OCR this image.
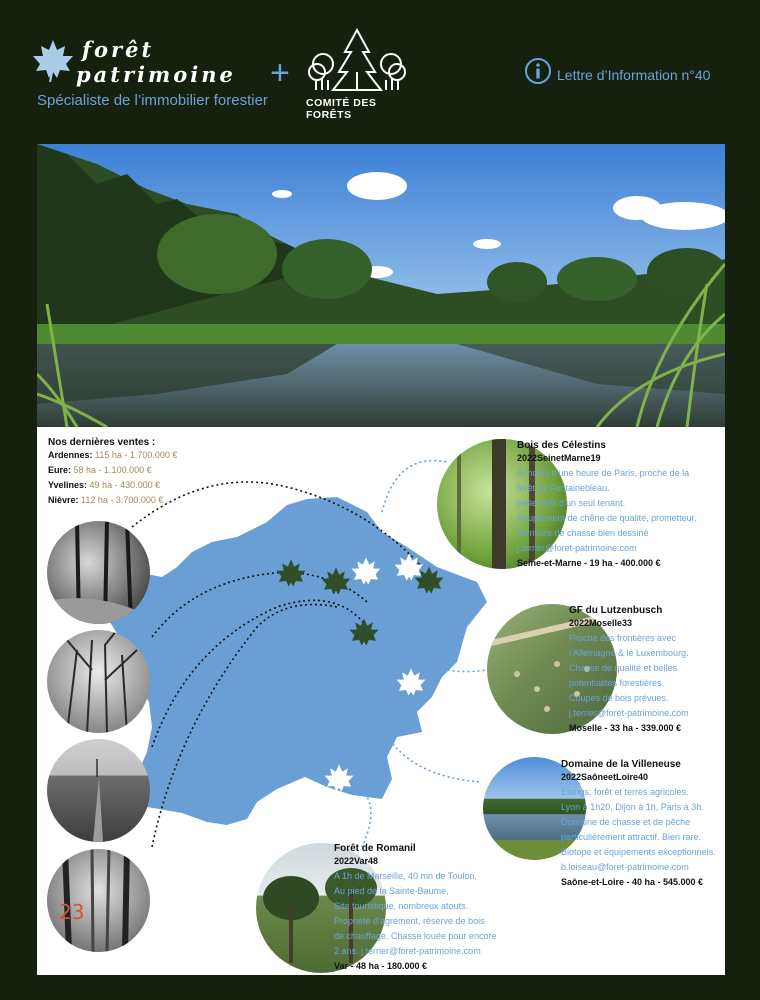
forêt
patrimoine
Spécialiste de l’immobilier forestier
+
COMITÉ DES FORÊTS
Lettre d’Information n°40
Nos dernières ventes :
Ardennes: 115 ha - 1.700.000 €
Eure: 58 ha - 1.100.000 €
Yvelines: 49 ha - 430.000 €
Nièvre: 112 ha - 3.700.000 €
23
Bois des Célestins
2022SeinetMarne19
A moins d’une heure de Paris, proche de la
forêt de Fontainebleau.
belle forêt d’un seul tenant.
Peuplement de chêne de qualité, prometteur.
Territoire de chasse bien dessiné
j.terrier@foret-patrimoine.com
Seine-et-Marne - 19 ha - 400.000 €
GF du Lutzenbusch
2022Moselle33
Proche des frontières avec
l’Allemagne & le Luxembourg.
Chasse de qualité et belles
potentialités forestières.
Coupes de bois prévues.
j.terrier@foret-patrimoine.com
Moselle - 33 ha - 339.000 €
Domaine de la Villeneuse
2022SaôneetLoire40
Etangs, forêt et terres agricoles.
Lyon à 1h20, Dijon à 1h, Paris à 3h.
Domaine de chasse et de pêche
particulièrement attractif. Bien rare.
Biotope et équipements exceptionnels.
b.loiseau@foret-patrimoine.com
Saône-et-Loire - 40 ha - 545.000 €
Forêt de Romanil
2022Var48
A 1h de Marseille, 40 mn de Toulon.
Au pied de la Sainte-Baume,
Site touristique, nombreux atouts.
Propriété d’agrément, réserve de bois
de chauffage. Chasse louée pour encore
2 ans. j.terrier@foret-patrimoine.com
Var - 48 ha - 180.000 €
